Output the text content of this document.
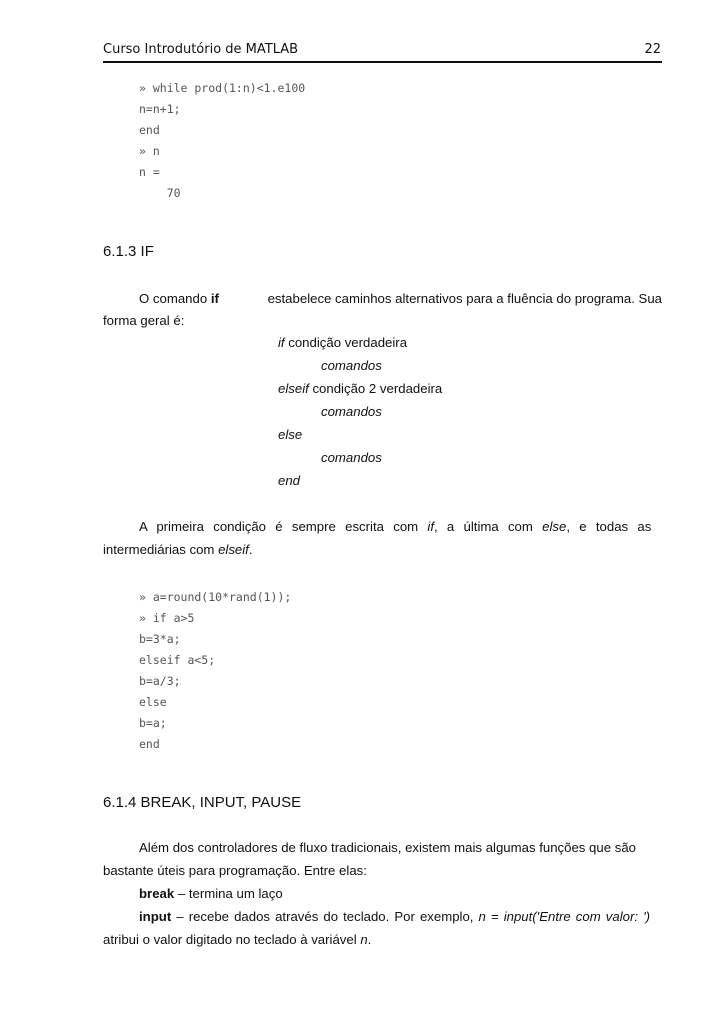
Curso Introdutório de MATLAB	22
» while prod(1:n)<1.e100
n=n+1;
end
» n
n =
70
6.1.3 IF
O comando if	estabelece caminhos alternativos para a fluência do programa. Sua
forma geral é:
if condição verdadeira
comandos
elseif condição 2 verdadeira
comandos
else
comandos
end
A primeira condição é sempre escrita com if, a última com else, e todas as
intermediárias com elseif.
» a=round(10*rand(1));
» if a>5
b=3*a;
elseif a<5;
b=a/3;
else
b=a;
end
6.1.4 BREAK, INPUT, PAUSE
Além dos controladores de fluxo tradicionais, existem mais algumas funções que são
bastante úteis para programação. Entre elas:
break – termina um laço
input – recebe dados através do teclado. Por exemplo, n = input('Entre com valor: ')
atribui o valor digitado no teclado à variável n.
